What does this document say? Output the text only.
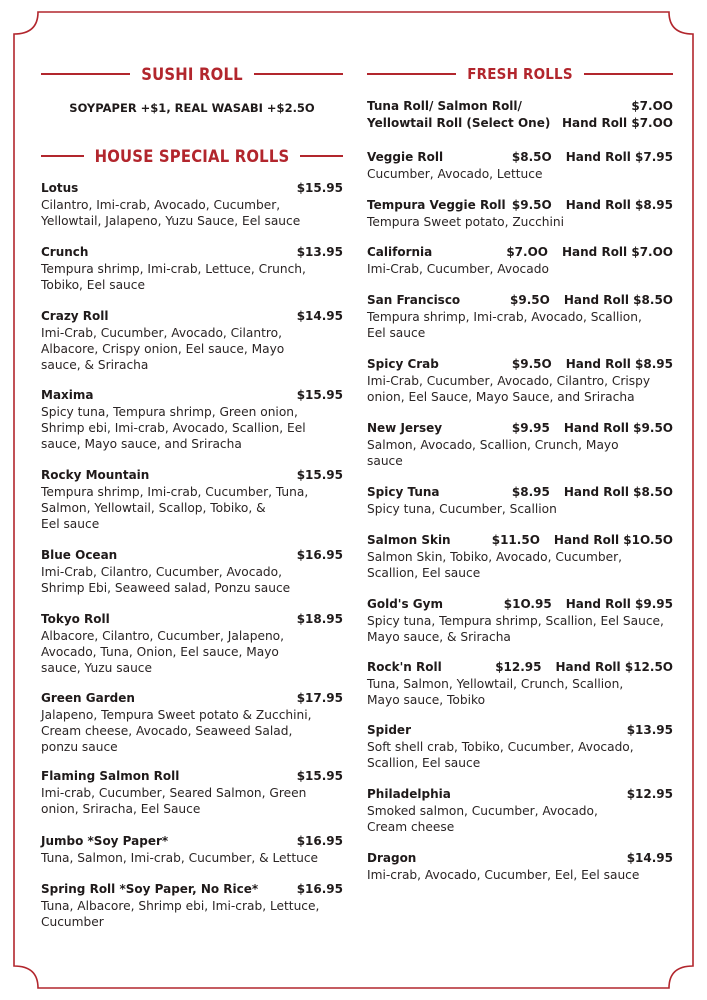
SUSHI ROLL
SOYPAPER +$1, REAL WASABI +$2.5O
HOUSE SPECIAL ROLLS
Lotus	$15.95
Cilantro, Imi-crab, Avocado, Cucumber,
Yellowtail, Jalapeno, Yuzu Sauce, Eel sauce
Crunch	$13.95
Tempura shrimp, Imi-crab, Lettuce, Crunch,
Tobiko, Eel sauce
Crazy Roll	$14.95
Imi-Crab, Cucumber, Avocado, Cilantro,
Albacore, Crispy onion, Eel sauce, Mayo
sauce, & Sriracha
Maxima	$15.95
Spicy tuna, Tempura shrimp, Green onion,
Shrimp ebi, Imi-crab, Avocado, Scallion, Eel
sauce, Mayo sauce, and Sriracha
Rocky Mountain	$15.95
Tempura shrimp, Imi-crab, Cucumber, Tuna,
Salmon, Yellowtail, Scallop, Tobiko, &
Eel sauce
Blue Ocean	$16.95
Imi-Crab, Cilantro, Cucumber, Avocado,
Shrimp Ebi, Seaweed salad, Ponzu sauce
Tokyo Roll	$18.95
Albacore, Cilantro, Cucumber, Jalapeno,
Avocado, Tuna, Onion, Eel sauce, Mayo
sauce, Yuzu sauce
Green Garden	$17.95
Jalapeno, Tempura Sweet potato & Zucchini,
Cream cheese, Avocado, Seaweed Salad,
ponzu sauce
Flaming Salmon Roll	$15.95
Imi-crab, Cucumber, Seared Salmon, Green
onion, Sriracha, Eel Sauce
Jumbo *Soy Paper*	$16.95
Tuna, Salmon, Imi-crab, Cucumber, & Lettuce
Spring Roll *Soy Paper, No Rice*	$16.95
Tuna, Albacore, Shrimp ebi, Imi-crab, Lettuce,
Cucumber
FRESH ROLLS
Tuna Roll/ Salmon Roll/	$7.OO
Yellowtail Roll (Select One) Hand Roll $7.OO
Veggie Roll	$8.5O Hand Roll $7.95
Cucumber, Avocado, Lettuce
Tempura Veggie Roll $9.5O Hand Roll $8.95
Tempura Sweet potato, Zucchini
California	$7.OO Hand Roll $7.OO
Imi-Crab, Cucumber, Avocado
San Francisco	$9.5O Hand Roll $8.5O
Tempura shrimp, Imi-crab, Avocado, Scallion,
Eel sauce
Spicy Crab	$9.5O Hand Roll $8.95
Imi-Crab, Cucumber, Avocado, Cilantro, Crispy
onion, Eel Sauce, Mayo Sauce, and Sriracha
New Jersey	$9.95 Hand Roll $9.5O
Salmon, Avocado, Scallion, Crunch, Mayo
sauce
Spicy Tuna	$8.95 Hand Roll $8.5O
Spicy tuna, Cucumber, Scallion
Salmon Skin	$11.5O Hand Roll $1O.5O
Salmon Skin, Tobiko, Avocado, Cucumber,
Scallion, Eel sauce
Gold's Gym	$1O.95 Hand Roll $9.95
Spicy tuna, Tempura shrimp, Scallion, Eel Sauce,
Mayo sauce, & Sriracha
Rock'n Roll	$12.95 Hand Roll $12.5O
Tuna, Salmon, Yellowtail, Crunch, Scallion,
Mayo sauce, Tobiko
Spider	$13.95
Soft shell crab, Tobiko, Cucumber, Avocado,
Scallion, Eel sauce
Philadelphia	$12.95
Smoked salmon, Cucumber, Avocado,
Cream cheese
Dragon	$14.95
Imi-crab, Avocado, Cucumber, Eel, Eel sauce
